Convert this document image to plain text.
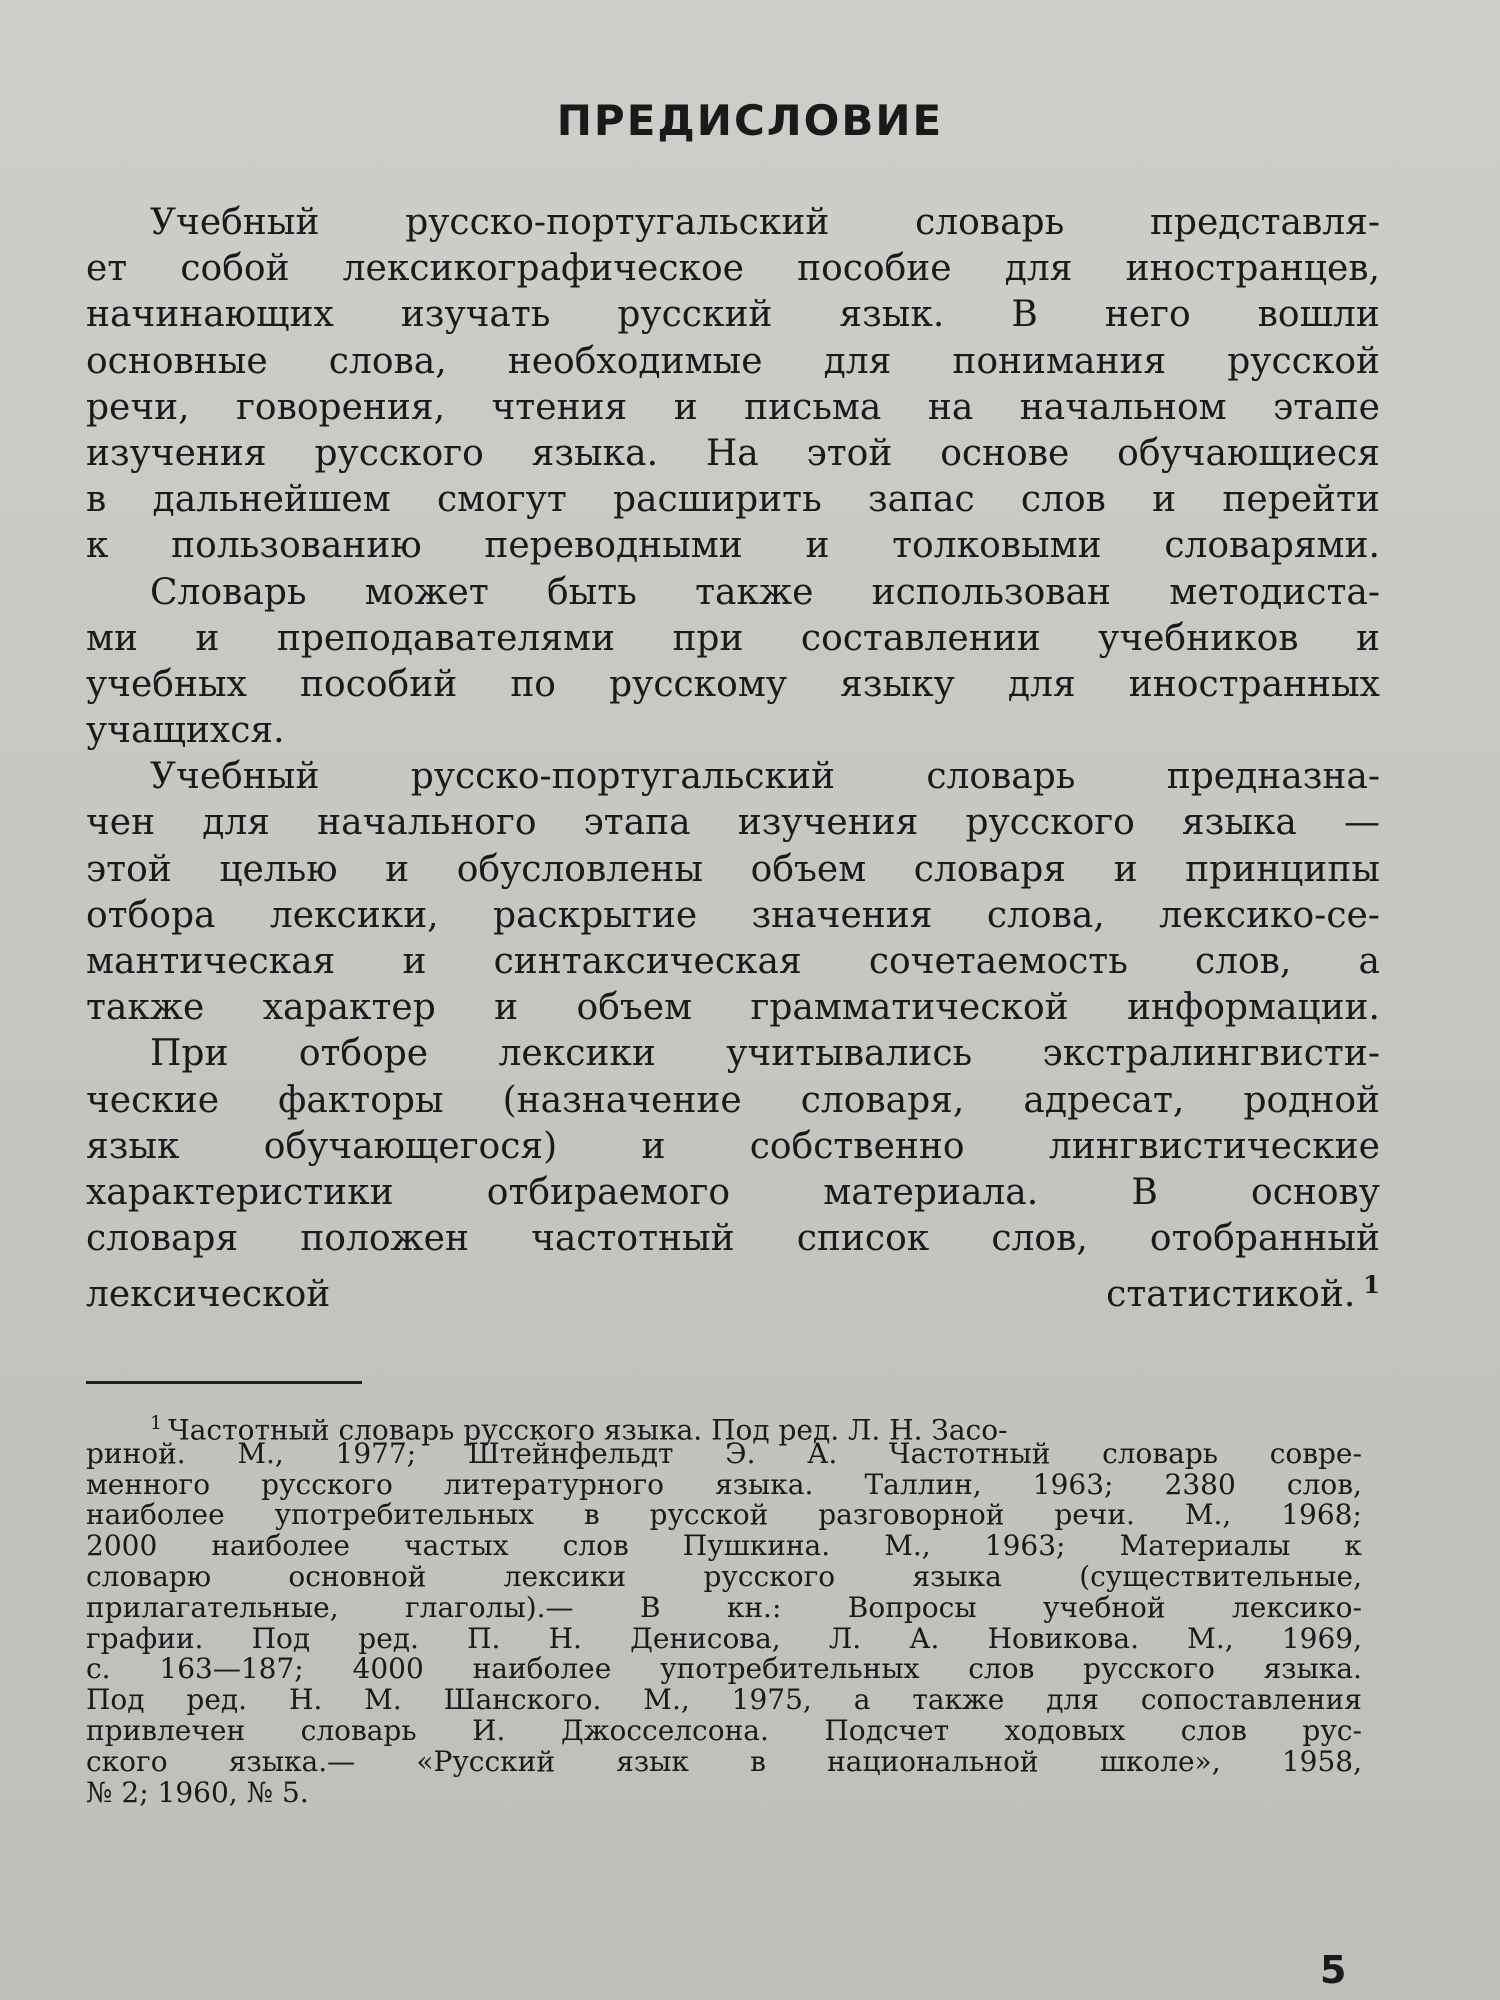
ПРЕДИСЛОВИЕ
Учебный русско-португальский словарь представля-
ет собой лексикографическое пособие для иностранцев,
начинающих изучать русский язык. В него вошли
основные слова, необходимые для понимания русской
речи, говорения, чтения и письма на начальном этапе
изучения русского языка. На этой основе обучающиеся
в дальнейшем смогут расширить запас слов и перейти
к пользованию переводными и толковыми словарями.
Словарь может быть также использован методиста-
ми и преподавателями при составлении учебников и
учебных пособий по русскому языку для иностранных
учащихся.
Учебный	русско-португальский	словарь	предназна-
чен для начального этапа изучения русского языка —
этой целью и обусловлены объем словаря и принципы
отбора лексики, раскрытие значения слова, лексико-се-
мантическая и синтаксическая сочетаемость слов, а
также характер и объем грамматической информации.
При отборе лексики учитывались экстралингвисти-
ческие факторы (назначение словаря, адресат, родной
язык обучающегося) и собственно лингвистические
характеристики	отбираемого	материала.	В	основу
словаря положен частотный список слов, отобранный
лексической статистикой. $^1$
$^1$ Частотный словарь русского языка. Под ред. Л. Н. Засо-
риной. М., 1977; Штейнфельдт Э. А. Частотный словарь совре-
менного русского литературного языка. Таллин, 1963; 2380 слов,
наиболее употребительных в русской разговорной речи. М., 1968;
2000 наиболее частых слов Пушкина. М., 1963; Материалы к
словарю	основной	лексики	русского	языка	(существительные,
прилагательные, глаголы).— В кн.: Вопросы учебной лексико-
графии. Под ред. П. Н. Денисова, Л. А. Новикова. М., 1969,
с. 163—187; 4000 наиболее употребительных слов русского языка.
Под ред. Н. М. Шанского. М., 1975, а также для сопоставления
привлечен словарь И. Джосселсона. Подсчет ходовых слов рус-
ского языка.— «Русский язык в национальной школе», 1958,
№ 2; 1960, № 5.
5
